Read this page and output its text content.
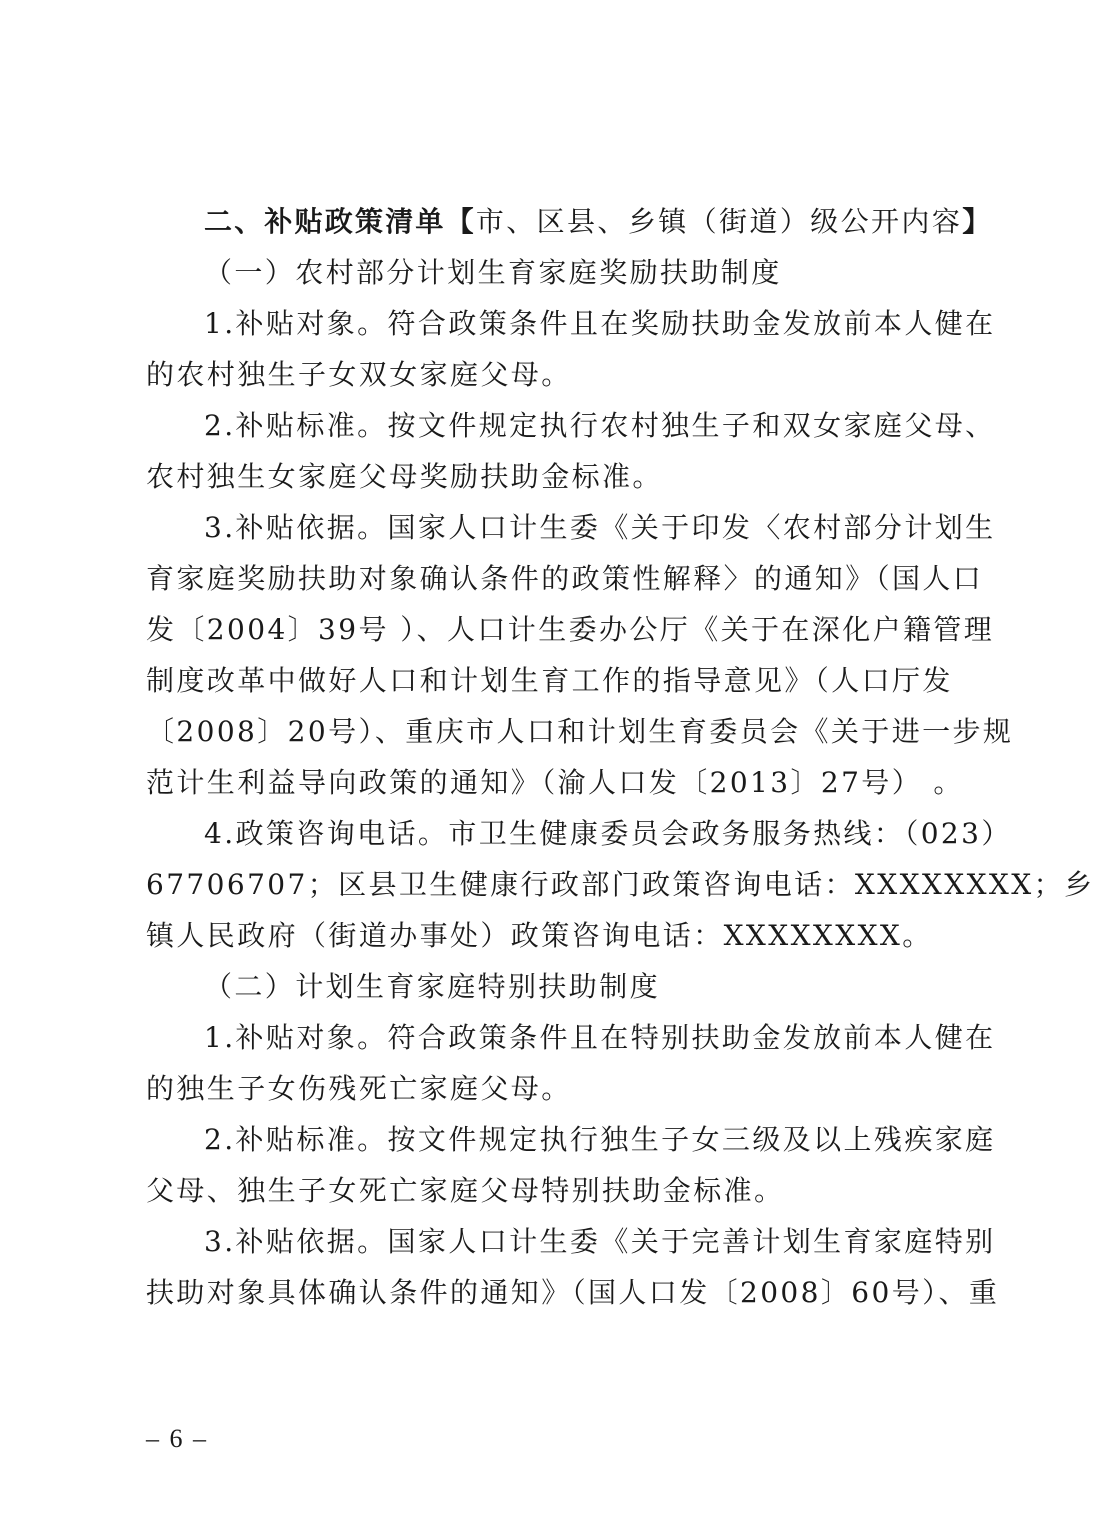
二、补贴政策清单【市、区县、乡镇（街道）级公开内容】
（一）农村部分计划生育家庭奖励扶助制度
1.补贴对象。符合政策条件且在奖励扶助金发放前本人健在
的农村独生子女双女家庭父母。
2.补贴标准。按文件规定执行农村独生子和双女家庭父母、
农村独生女家庭父母奖励扶助金标准。
3.补贴依据。国家人口计生委《关于印发〈农村部分计划生
育家庭奖励扶助对象确认条件的政策性解释〉的通知》（国人口
发〔2004〕39号 ）、人口计生委办公厅《关于在深化户籍管理
制度改革中做好人口和计划生育工作的指导意见》（人口厅发
〔2008〕20号）、重庆市人口和计划生育委员会《关于进一步规
范计生利益导向政策的通知》（渝人口发〔2013〕27号） 。
4.政策咨询电话。市卫生健康委员会政务服务热线：（023）
67706707；区县卫生健康行政部门政策咨询电话：XXXXXXXX；乡
镇人民政府（街道办事处）政策咨询电话：XXXXXXXX。
（二）计划生育家庭特别扶助制度
1.补贴对象。符合政策条件且在特别扶助金发放前本人健在
的独生子女伤残死亡家庭父母。
2.补贴标准。按文件规定执行独生子女三级及以上残疾家庭
父母、独生子女死亡家庭父母特别扶助金标准。
3.补贴依据。国家人口计生委《关于完善计划生育家庭特别
扶助对象具体确认条件的通知》（国人口发〔2008〕60号）、重
– 6 –
